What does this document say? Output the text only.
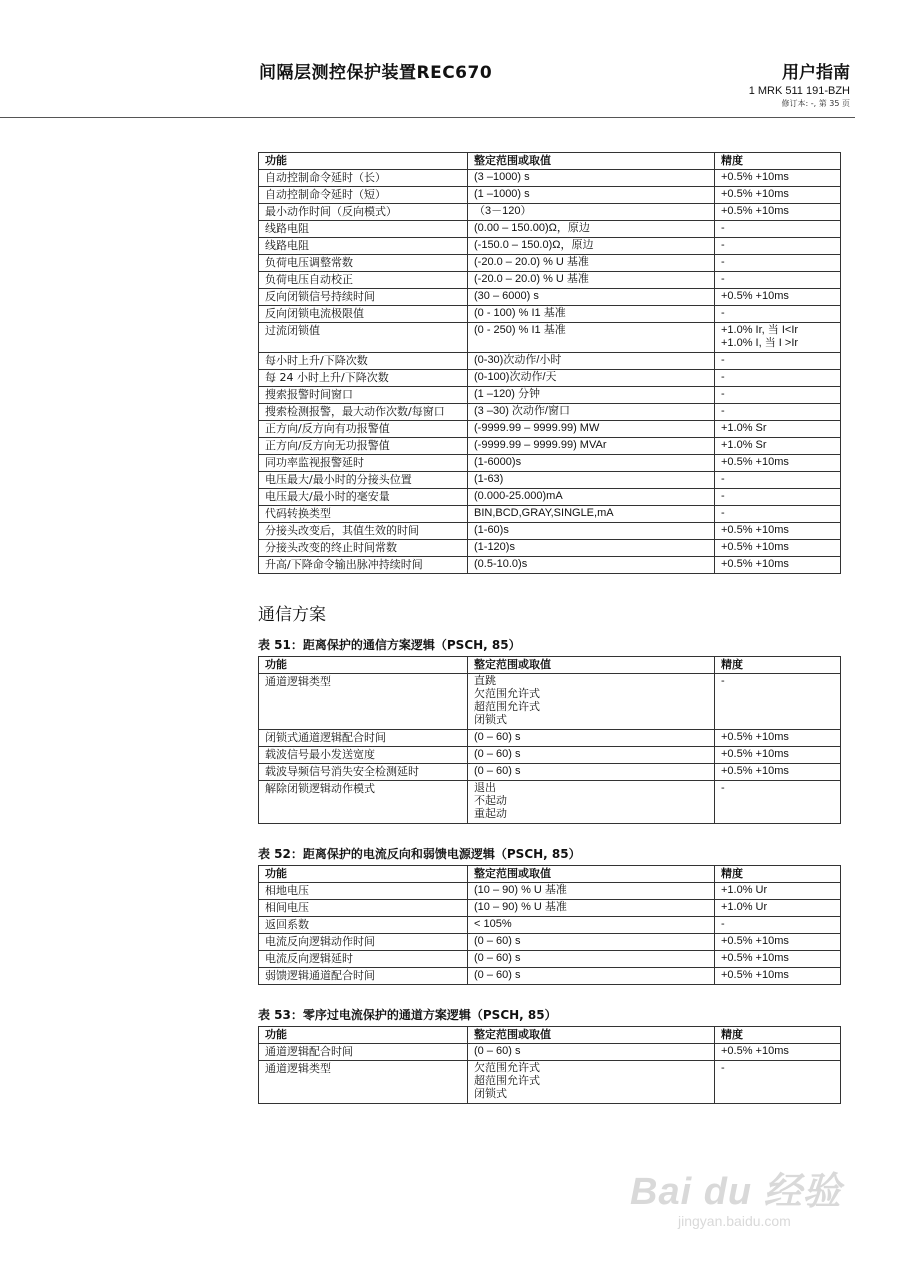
间隔层测控保护装置REC670	用户指南
1 MRK 511 191-BZH
修订本: -, 第 35 页
功能	整定范围或取值	精度
自动控制命令延时（长）	(3 –1000) s	+0.5% +10ms
自动控制命令延时（短）	(1 –1000) s	+0.5% +10ms
最小动作时间（反向模式）	（3－120）	+0.5% +10ms
线路电阻	(0.00 – 150.00)Ω，原边	-
线路电阻	(-150.0 – 150.0)Ω，原边	-
负荷电压调整常数	(-20.0 – 20.0) % U 基准	-
负荷电压自动校正	(-20.0 – 20.0) % U 基准	-
反向闭锁信号持续时间	(30 – 6000) s	+0.5% +10ms
反向闭锁电流极限值	(0 - 100) % I1 基准	-
过流闭锁值	(0 - 250) % I1 基准	+1.0% Ir, 当 I<Ir
+1.0% I, 当 I >Ir
每小时上升/下降次数	(0-30)次动作/小时	-
每 24 小时上升/下降次数	(0-100)次动作/天	-
搜索报警时间窗口	(1 –120) 分钟	-
搜索检测报警，最大动作次数/每窗口	(3 –30) 次动作/窗口	-
正方向/反方向有功报警值	(-9999.99 – 9999.99) MW	+1.0% Sr
正方向/反方向无功报警值	(-9999.99 – 9999.99) MVAr	+1.0% Sr
同功率监视报警延时	(1-6000)s	+0.5% +10ms
电压最大/最小时的分接头位置	(1-63)	-
电压最大/最小时的毫安量	(0.000-25.000)mA	-
代码转换类型	BIN,BCD,GRAY,SINGLE,mA	-
分接头改变后，其值生效的时间	(1-60)s	+0.5% +10ms
分接头改变的终止时间常数	(1-120)s	+0.5% +10ms
升高/下降命令输出脉冲持续时间	(0.5-10.0)s	+0.5% +10ms
通信方案
表 51：距离保护的通信方案逻辑（PSCH, 85）
功能	整定范围或取值	精度
通道逻辑类型	直跳
欠范围允许式
超范围允许式
闭锁式	-
闭锁式通道逻辑配合时间	(0 – 60) s	+0.5% +10ms
载波信号最小发送宽度	(0 – 60) s	+0.5% +10ms
载波导频信号消失安全检测延时	(0 – 60) s	+0.5% +10ms
解除闭锁逻辑动作模式	退出
不起动
重起动	-
表 52：距离保护的电流反向和弱馈电源逻辑（PSCH, 85）
功能	整定范围或取值	精度
相地电压	(10 – 90) % U 基准	+1.0% Ur
相间电压	(10 – 90) % U 基准	+1.0% Ur
返回系数	< 105%	-
电流反向逻辑动作时间	(0 – 60) s	+0.5% +10ms
电流反向逻辑延时	(0 – 60) s	+0.5% +10ms
弱馈逻辑通道配合时间	(0 – 60) s	+0.5% +10ms
表 53：零序过电流保护的通道方案逻辑（PSCH, 85）
功能	整定范围或取值	精度
通道逻辑配合时间	(0 – 60) s	+0.5% +10ms
通道逻辑类型	欠范围允许式
超范围允许式
闭锁式	-
Bai du 经验
jingyan.baidu.com
